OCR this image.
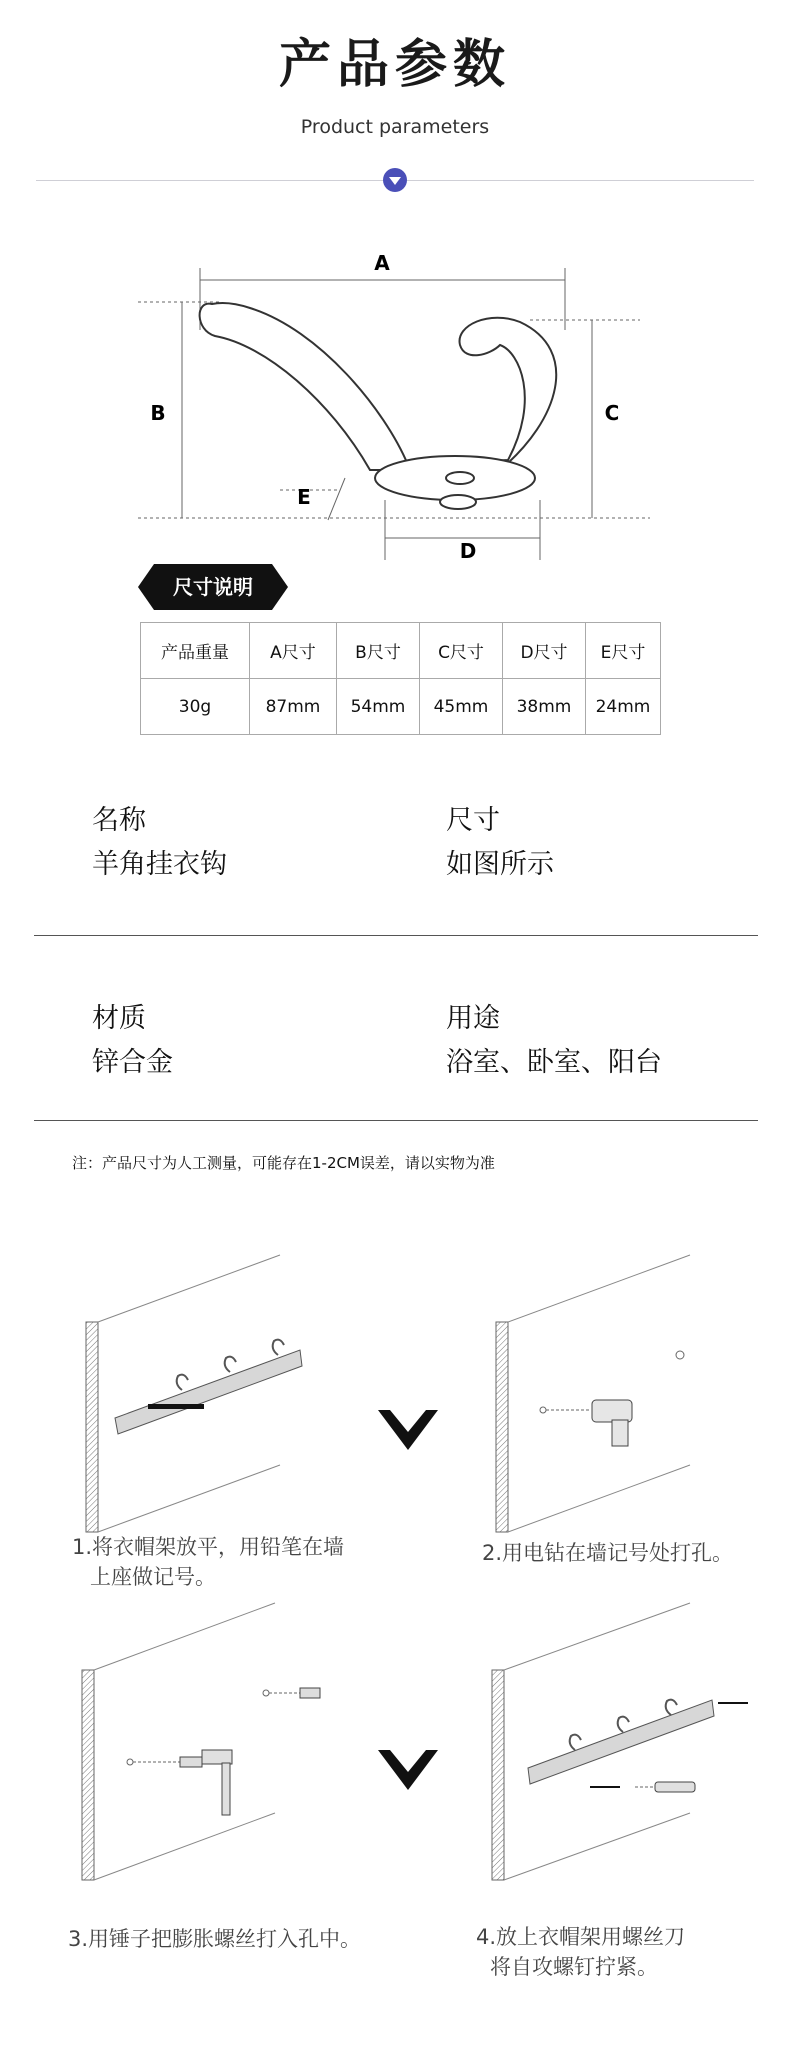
产品参数
Product parameters
A
B	C
D
E
尺寸说明
产品重量	A尺寸	B尺寸	C尺寸	D尺寸	E尺寸
30g	87mm	54mm	45mm	38mm	24mm
名称
羊角挂衣钩
尺寸
如图所示
材质
锌合金
用途
浴室、卧室、阳台
注：产品尺寸为人工测量，可能存在1-2CM误差，请以实物为准
1.将衣帽架放平，用铅笔在墙
上座做记号。
2.用电钻在墙记号处打孔。
3.用锤子把膨胀螺丝打入孔中。	4.放上衣帽架用螺丝刀
将自攻螺钉拧紧。
